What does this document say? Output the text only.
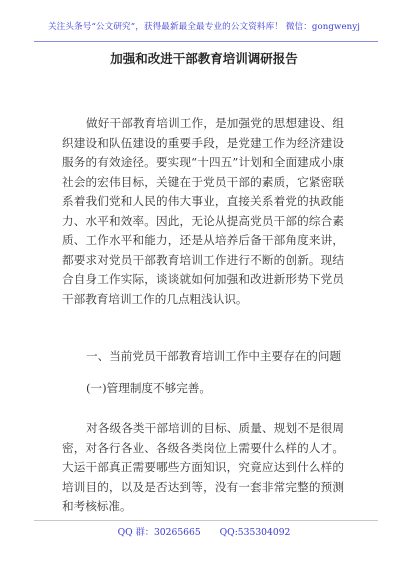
关注头条号“公文研究”，获得最新最全最专业的公文资料库！ 微信：gongwenyj
加强和改进干部教育培训调研报告
做好干部教育培训工作，是加强党的思想建设、组织建设和队伍建设的重要手段，是党建工作为经济建设服务的有效途径。要实现“十四五”计划和全面建成小康社会的宏伟目标，关键在于党员干部的素质，它紧密联系着我们党和人民的伟大事业，直接关系着党的执政能力、水平和效率。因此，无论从提高党员干部的综合素质、工作水平和能力，还是从培养后备干部角度来讲，都要求对党员干部教育培训工作进行不断的创新。现结合自身工作实际，谈谈就如何加强和改进新形势下党员干部教育培训工作的几点粗浅认识。
一、当前党员干部教育培训工作中主要存在的问题
(一)管理制度不够完善。
对各级各类干部培训的目标、质量、规划不是很周密，对各行各业、各级各类岗位上需要什么样的人才。大运干部真正需要哪些方面知识，究竟应达到什么样的培训目的，以及是否达到等，没有一套非常完整的预测和考核标准。
QQ 群：30265665 QQ:535304092
